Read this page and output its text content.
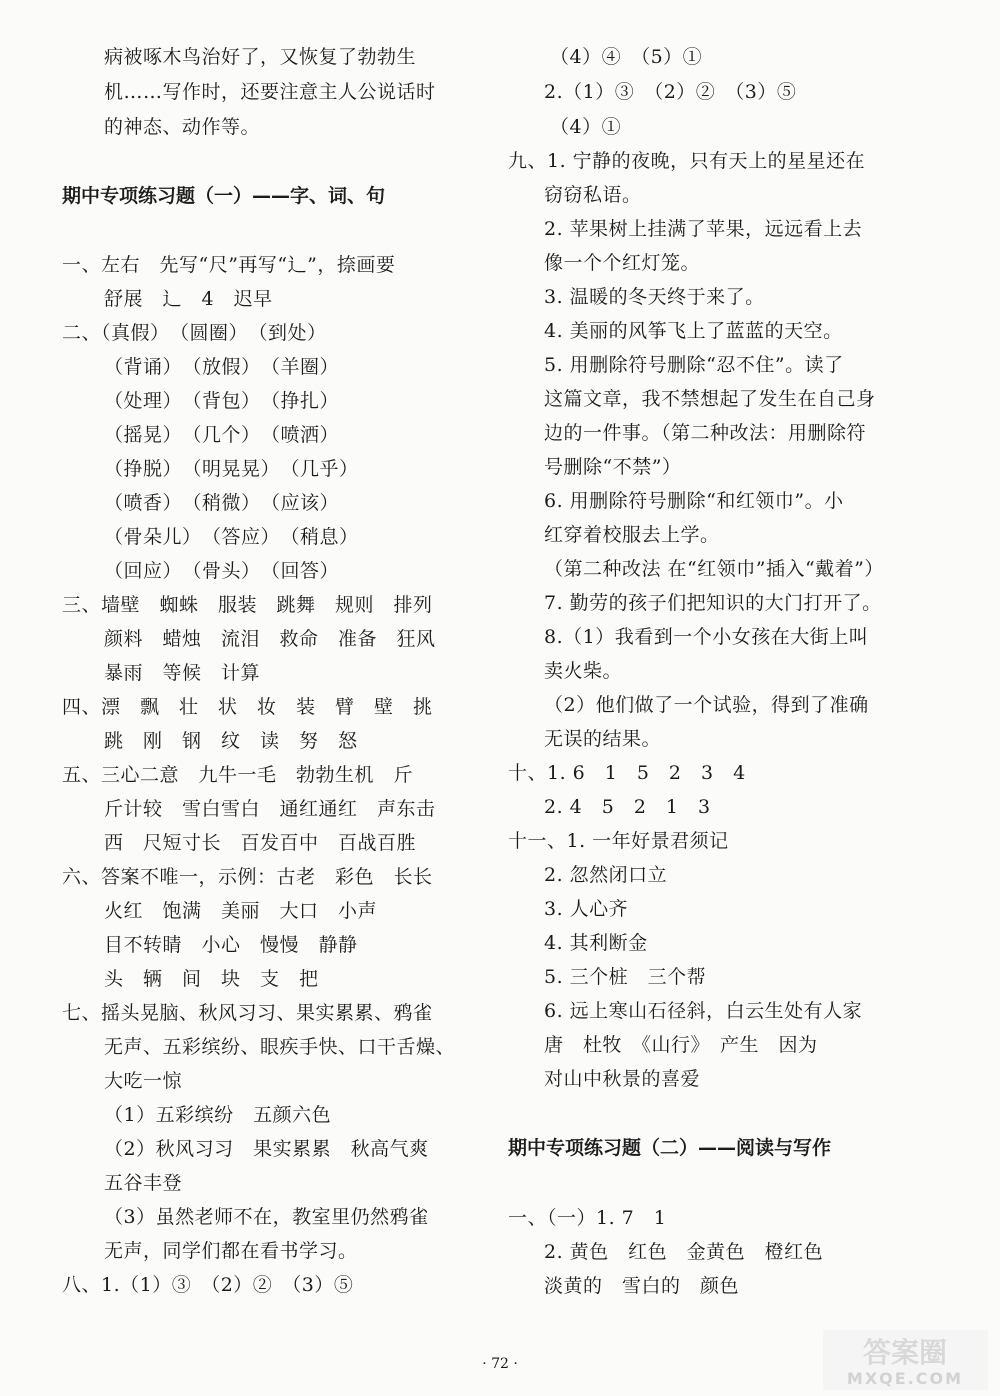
病被啄木鸟治好了，又恢复了勃勃生
机……写作时，还要注意主人公说话时
的神态、动作等。
期中专项练习题（一）——字、词、句
一、左右　先写“尺”再写“辶”，捺画要
舒展　辶　4　迟早
二、（真假）　（圆圈）　（到处）
（背诵）　（放假）　（羊圈）
（处理）　（背包）　（挣扎）
（摇晃）　（几个）　（喷洒）
（挣脱）　（明晃晃）　（几乎）
（喷香）　（稍微）　（应该）
（骨朵儿）　（答应）　（稍息）
（回应）　（骨头）　（回答）
三、墙壁　蜘蛛　服装　跳舞　规则　排列
颜料　蜡烛　流泪　救命　准备　狂风
暴雨　等候　计算
四、漂　飘　壮　状　妆　装　臂　壁　挑
跳　刚　钢　纹　读　努　怒
五、三心二意　九牛一毛　勃勃生机　斤
斤计较　雪白雪白　通红通红　声东击
西　尺短寸长　百发百中　百战百胜
六、答案不唯一，示例：古老　彩色　长长
火红　饱满　美丽　大口　小声
目不转睛　小心　慢慢　静静
头　辆　间　块　支　把
七、摇头晃脑、秋风习习、果实累累、鸦雀
无声、五彩缤纷、眼疾手快、口干舌燥、
大吃一惊
（1）五彩缤纷　五颜六色
（2）秋风习习　果实累累　秋高气爽
五谷丰登
（3）虽然老师不在，教室里仍然鸦雀
无声，同学们都在看书学习。
八、1.（1）③　（2）②　（3）⑤
（4）④　（5）①
2.（1）③　（2）②　（3）⑤
（4）①
九、1. 宁静的夜晚，只有天上的星星还在
窃窃私语。
2. 苹果树上挂满了苹果，远远看上去
像一个个红灯笼。
3. 温暖的冬天终于来了。
4. 美丽的风筝飞上了蓝蓝的天空。
5. 用删除符号删除“忍不住”。读了
这篇文章，我不禁想起了发生在自己身
边的一件事。（第二种改法：用删除符
号删除“不禁”）
6. 用删除符号删除“和红领巾”。小
红穿着校服去上学。
（第二种改法 在“红领巾”插入“戴着”）
7. 勤劳的孩子们把知识的大门打开了。
8.（1）我看到一个小女孩在大街上叫
卖火柴。
（2）他们做了一个试验，得到了准确
无误的结果。
十、1. 6　1　5　2　3　4
2. 4　5　2　1　3
十一、1. 一年好景君须记
2. 忽然闭口立
3. 人心齐
4. 其利断金
5. 三个桩　三个帮
6. 远上寒山石径斜，白云生处有人家
唐　杜牧　《山行》　产生　因为
对山中秋景的喜爱
期中专项练习题（二）——阅读与写作
一、（一）1. 7　1
2. 黄色　红色　金黄色　橙红色
淡黄的　雪白的　颜色
· 72 ·	答案圈
MXQE.COM
